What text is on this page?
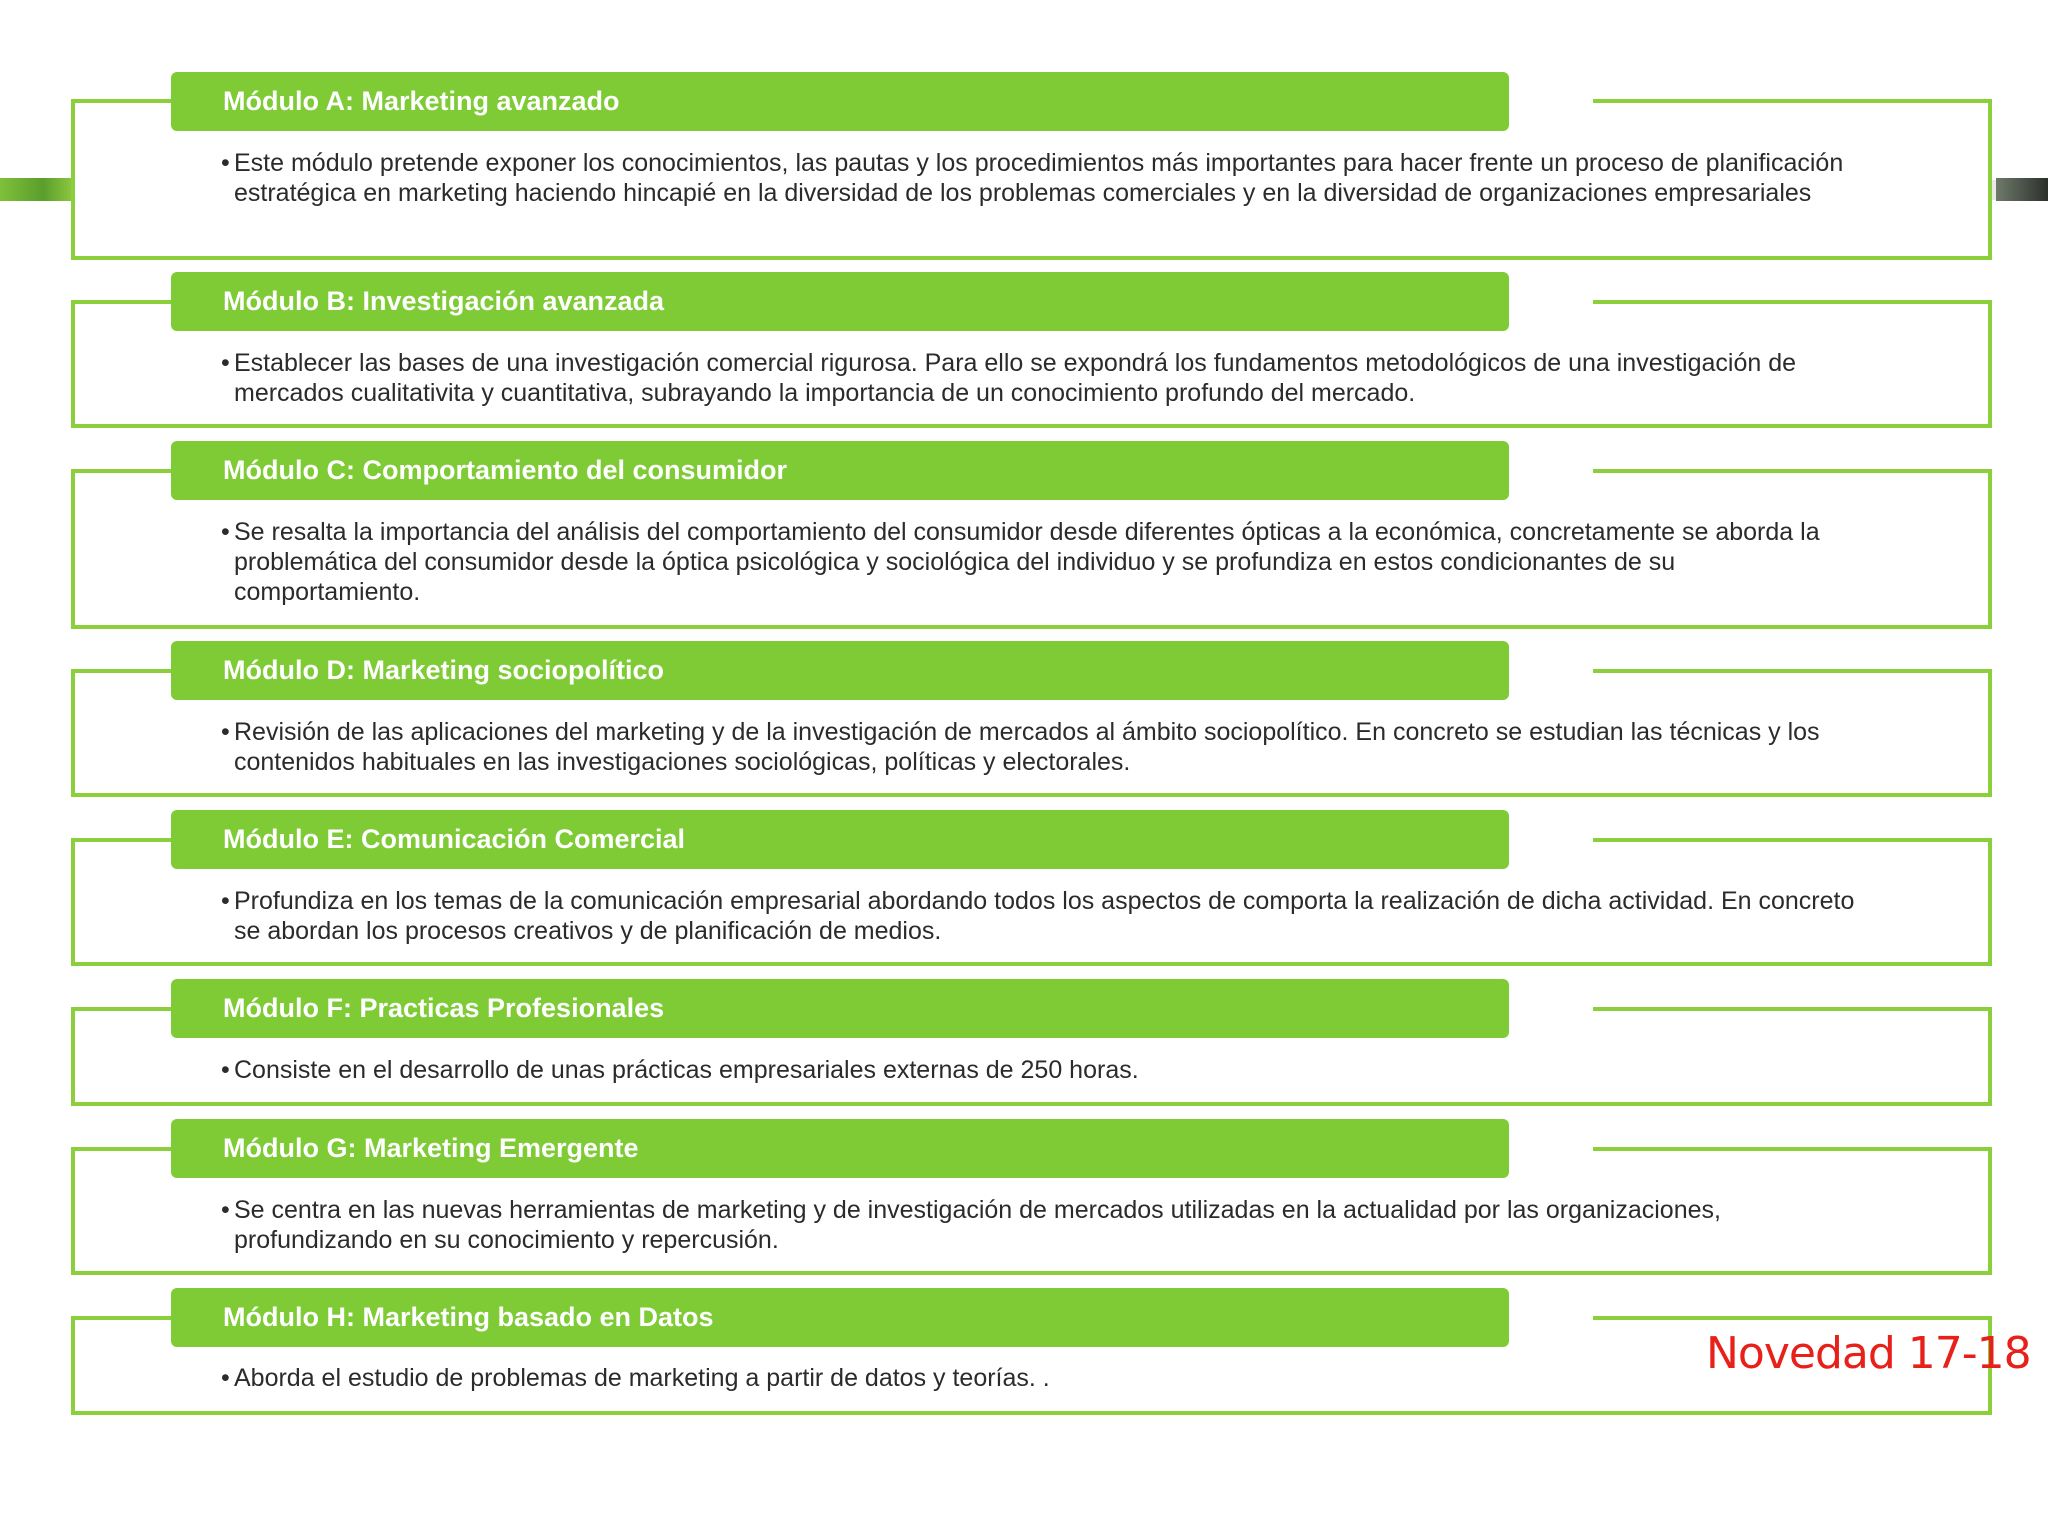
Módulo A: Marketing avanzado
• Este módulo pretende exponer los conocimientos, las pautas y los procedimientos más importantes para hacer frente un proceso de planificación estratégica en marketing haciendo hincapié en la diversidad de los problemas comerciales y en la diversidad de organizaciones empresariales
Módulo B: Investigación avanzada
• Establecer las bases de una investigación comercial rigurosa. Para ello se expondrá los fundamentos metodológicos de una investigación de mercados cualitativita y cuantitativa, subrayando la importancia de un conocimiento profundo del mercado.
Módulo C: Comportamiento del consumidor
• Se resalta la importancia del análisis del comportamiento del consumidor desde diferentes ópticas a la económica, concretamente se aborda la problemática del consumidor desde la óptica psicológica y sociológica del individuo y se profundiza en estos condicionantes de su comportamiento.
Módulo D: Marketing sociopolítico
• Revisión de las aplicaciones del marketing y de la investigación de mercados al ámbito sociopolítico. En concreto se estudian las técnicas y los contenidos habituales en las investigaciones sociológicas, políticas y electorales.
Módulo E: Comunicación Comercial
• Profundiza en los temas de la comunicación empresarial abordando todos los aspectos de comporta la realización de dicha actividad. En concreto se abordan los procesos creativos y de planificación de medios.
Módulo F: Practicas Profesionales
• Consiste en el desarrollo de unas prácticas empresariales externas de 250 horas.
Módulo G: Marketing Emergente
• Se centra en las nuevas herramientas de marketing y de investigación de mercados utilizadas en la actualidad por las organizaciones, profundizando en su conocimiento y repercusión.
Módulo H: Marketing basado en Datos
• Aborda el estudio de problemas de marketing a partir de datos y teorías. .	Novedad 17-18
